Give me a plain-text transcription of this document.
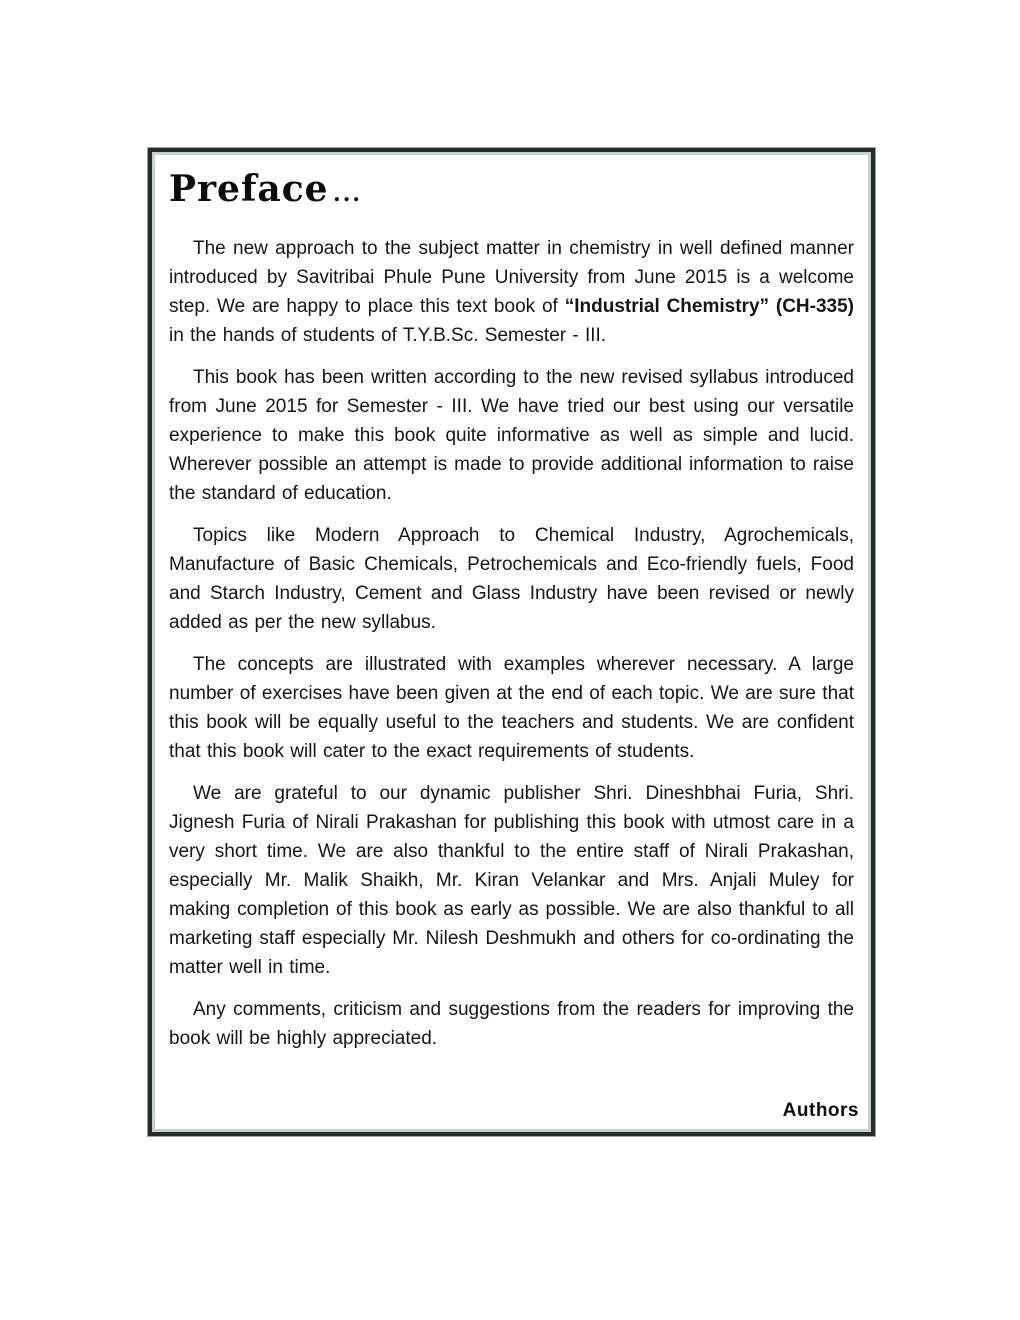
Preface ...

The new approach to the subject matter in chemistry in well defined manner introduced by Savitribai Phule Pune University from June 2015 is a welcome step. We are happy to place this text book of “Industrial Chemistry” (CH-335) in the hands of students of T.Y.B.Sc. Semester - III.

This book has been written according to the new revised syllabus introduced from June 2015 for Semester - III. We have tried our best using our versatile experience to make this book quite informative as well as simple and lucid. Wherever possible an attempt is made to provide additional information to raise the standard of education.

Topics like Modern Approach to Chemical Industry, Agrochemicals, Manufacture of Basic Chemicals, Petrochemicals and Eco-friendly fuels, Food and Starch Industry, Cement and Glass Industry have been revised or newly added as per the new syllabus.

The concepts are illustrated with examples wherever necessary. A large number of exercises have been given at the end of each topic. We are sure that this book will be equally useful to the teachers and students. We are confident that this book will cater to the exact requirements of students.

We are grateful to our dynamic publisher Shri. Dineshbhai Furia, Shri. Jignesh Furia of Nirali Prakashan for publishing this book with utmost care in a very short time. We are also thankful to the entire staff of Nirali Prakashan, especially Mr. Malik Shaikh, Mr. Kiran Velankar and Mrs. Anjali Muley for making completion of this book as early as possible. We are also thankful to all marketing staff especially Mr. Nilesh Deshmukh and others for co-ordinating the matter well in time.

Any comments, criticism and suggestions from the readers for improving the book will be highly appreciated.

Authors
